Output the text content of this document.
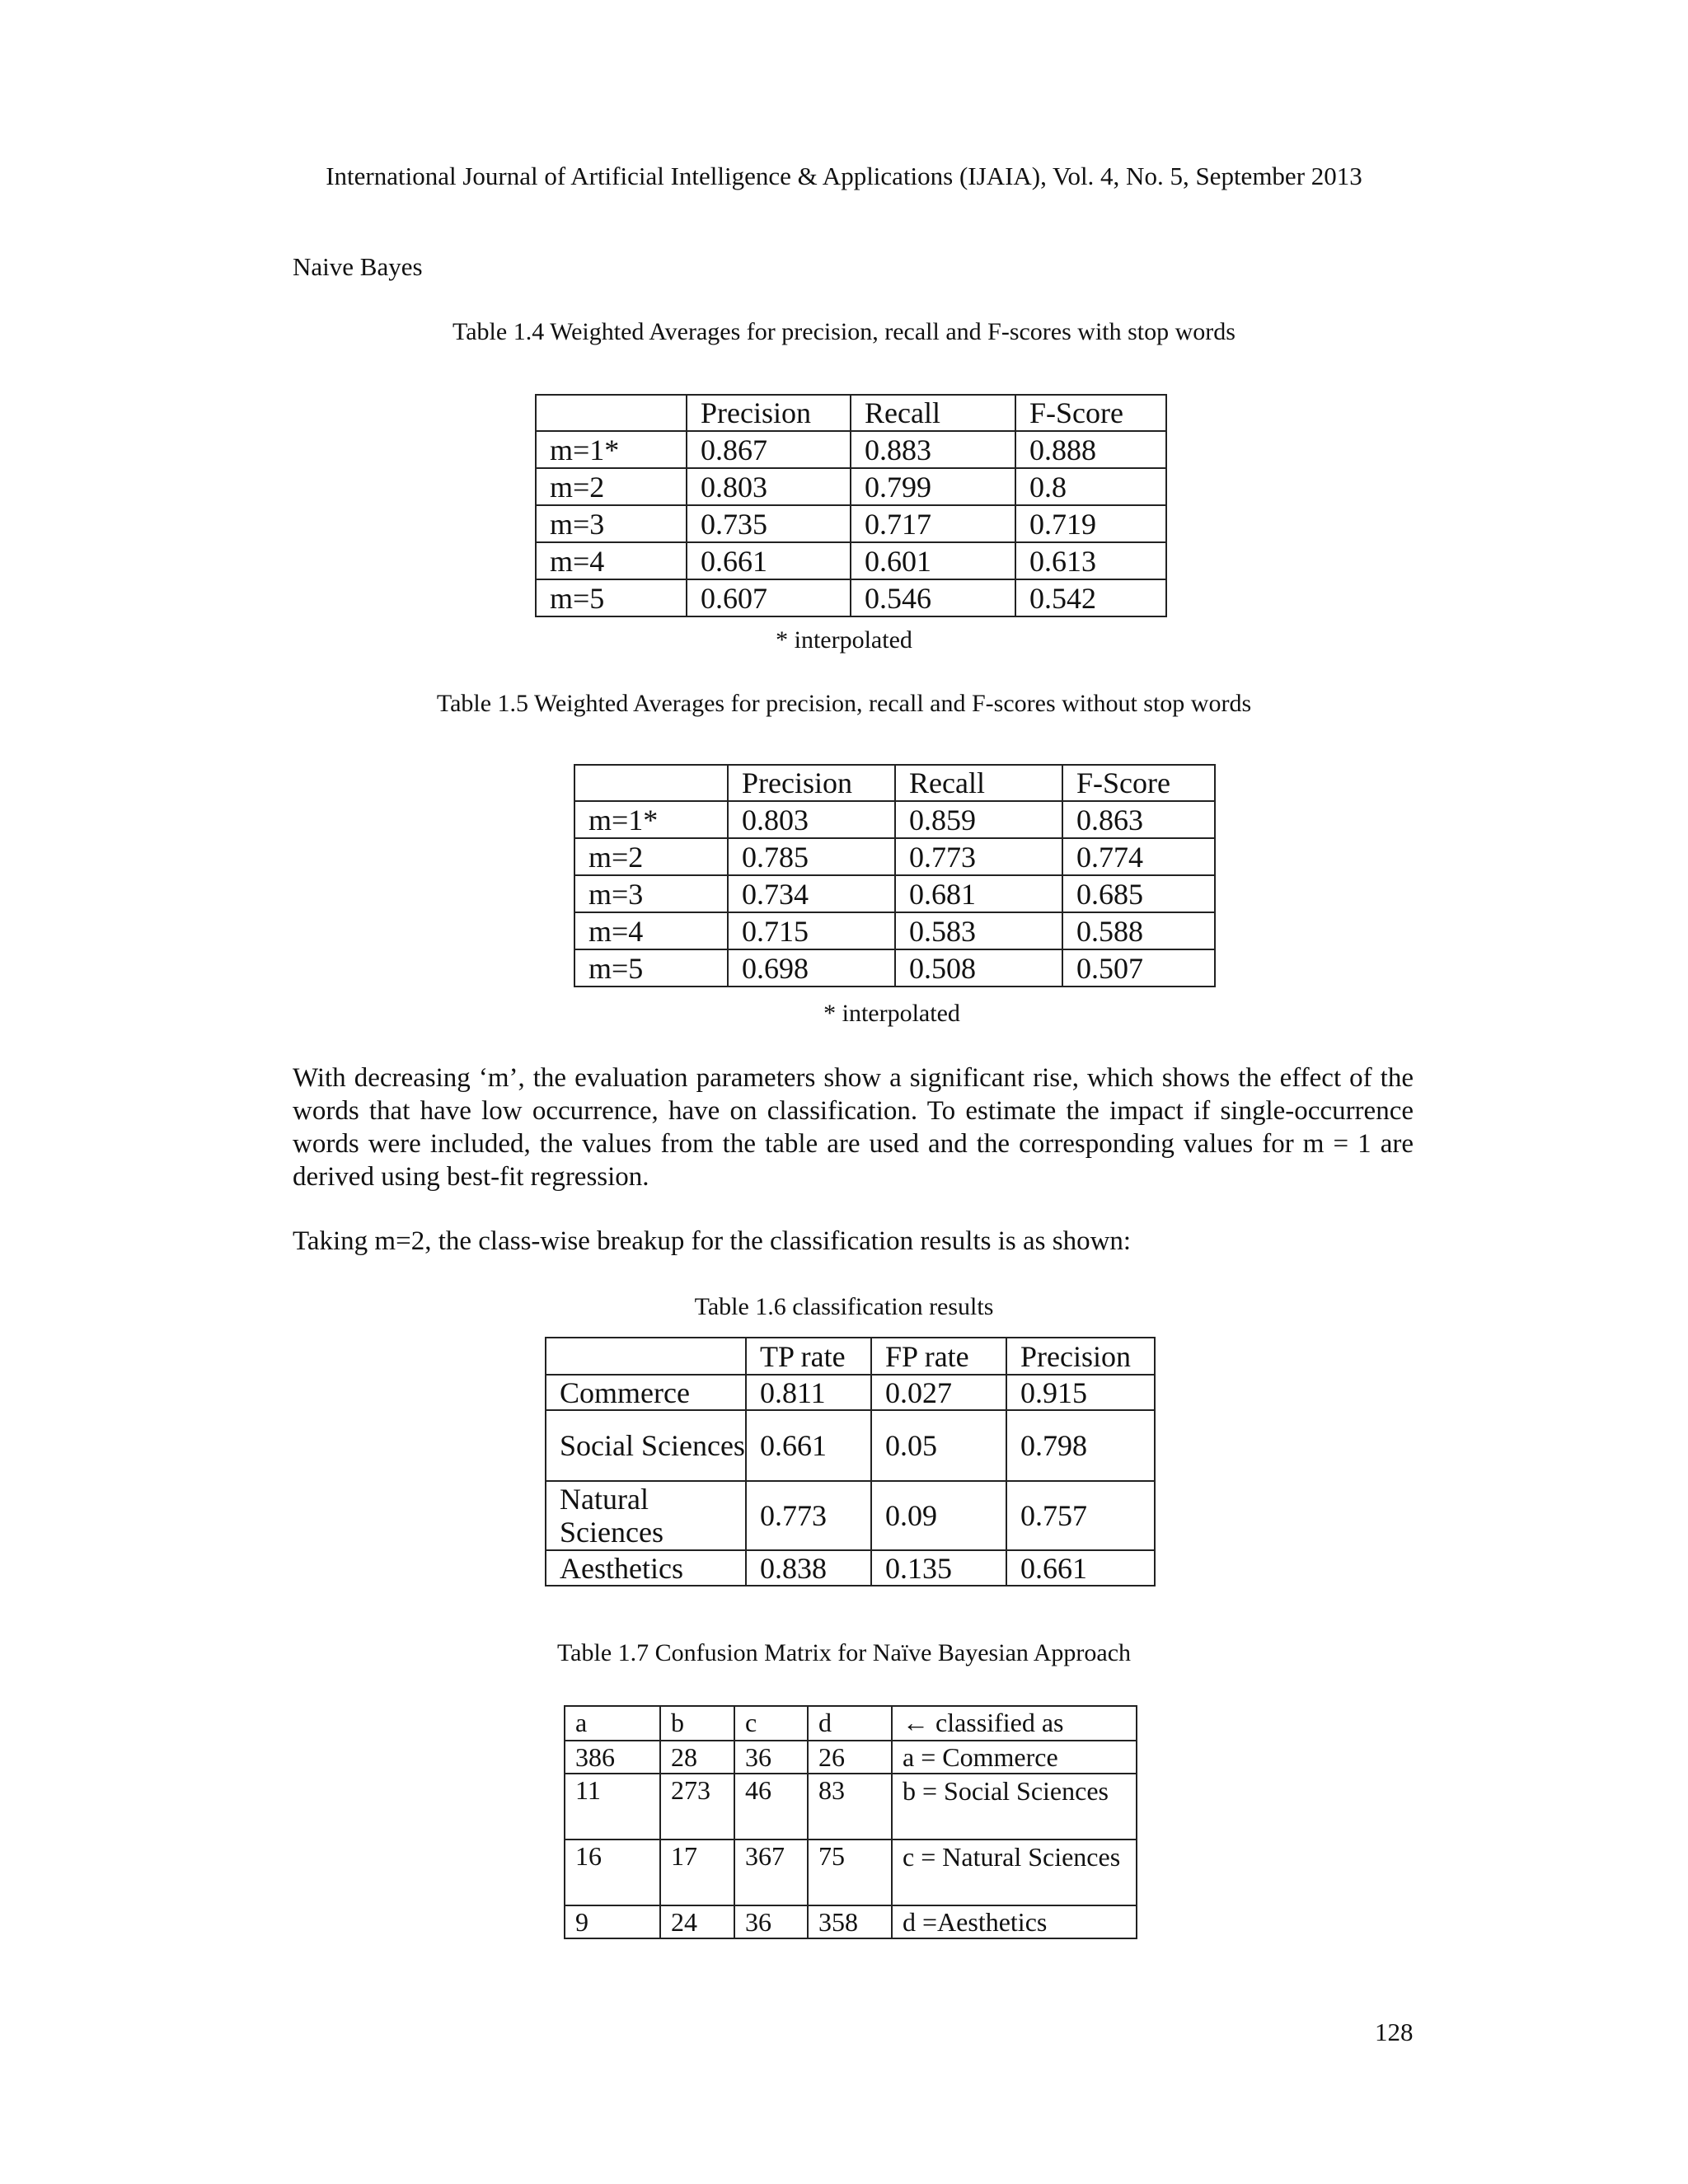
International Journal of Artificial Intelligence & Applications (IJAIA), Vol. 4, No. 5, September 2013
Naive Bayes
Table 1.4 Weighted Averages for precision, recall and F-scores with stop words
	Precision	Recall	F-Score
m=1*	0.867	0.883	0.888
m=2	0.803	0.799	0.8
m=3	0.735	0.717	0.719
m=4	0.661	0.601	0.613
m=5	0.607	0.546	0.542
* interpolated
Table 1.5 Weighted Averages for precision, recall and F-scores without stop words
	Precision	Recall	F-Score
m=1*	0.803	0.859	0.863
m=2	0.785	0.773	0.774
m=3	0.734	0.681	0.685
m=4	0.715	0.583	0.588
m=5	0.698	0.508	0.507
* interpolated
With decreasing ‘m’, the evaluation parameters show a significant rise, which shows the effect of the words that have low occurrence, have on classification. To estimate the impact if single-occurrence words were included, the values from the table are used and the corresponding values for m = 1 are derived using best-fit regression.
Taking m=2, the class-wise breakup for the classification results is as shown:
Table 1.6 classification results
	TP rate	FP rate	Precision
Commerce	0.811	0.027	0.915
Social Sciences	0.661	0.05	0.798
Natural Sciences	0.773	0.09	0.757
Aesthetics	0.838	0.135	0.661
Table 1.7 Confusion Matrix for Naïve Bayesian Approach
a	b	c	d	← classified as
386	28	36	26	a = Commerce
11	273	46	83	b = Social Sciences
16	17	367	75	c = Natural Sciences
9	24	36	358	d =Aesthetics
128
